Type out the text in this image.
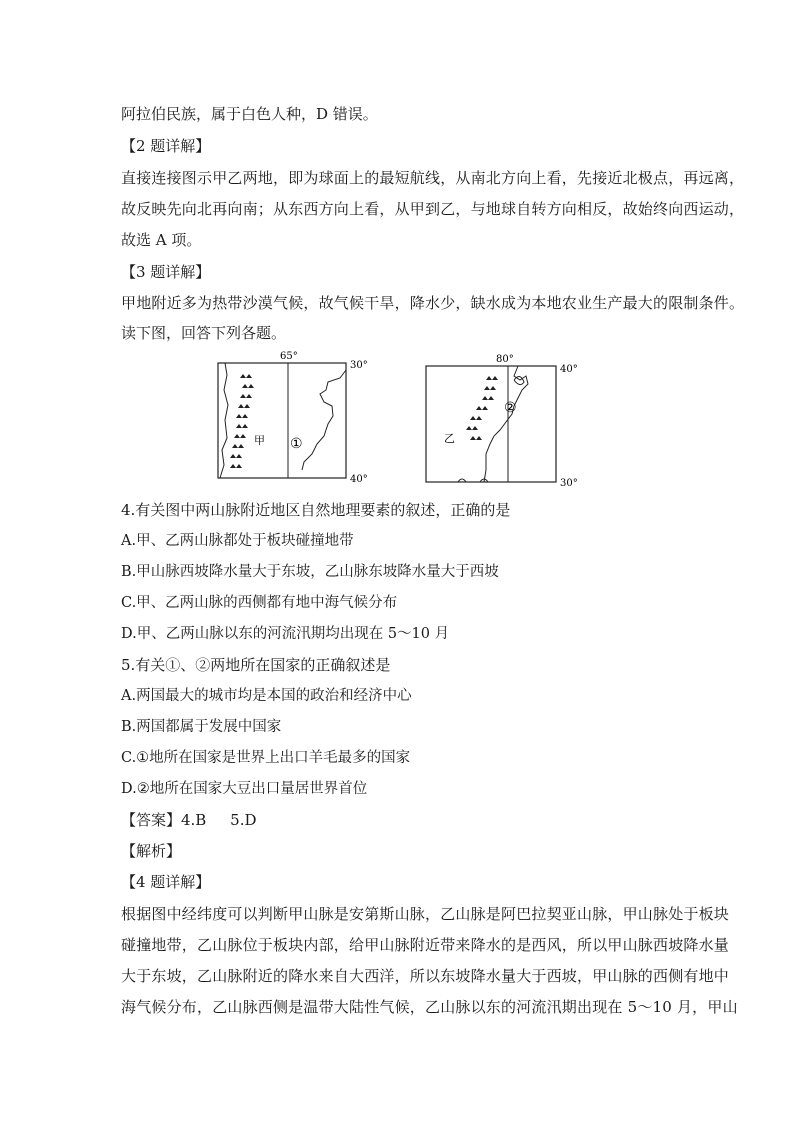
阿拉伯民族，属于白色人种，D 错误。
【2 题详解】
直接连接图示甲乙两地，即为球面上的最短航线，从南北方向上看，先接近北极点，再远离，
故反映先向北再向南；从东西方向上看，从甲到乙，与地球自转方向相反，故始终向西运动，
故选 A 项。
【3 题详解】
甲地附近多为热带沙漠气候，故气候干旱，降水少，缺水成为本地农业生产最大的限制条件。
读下图，回答下列各题。
65°
30°
40°
甲 ①
80°
40°
30°
乙
②
4.有关图中两山脉附近地区自然地理要素的叙述，正确的是
A.甲、乙两山脉都处于板块碰撞地带
B.甲山脉西坡降水量大于东坡，乙山脉东坡降水量大于西坡
C.甲、乙两山脉的西侧都有地中海气候分布
D.甲、乙两山脉以东的河流汛期均出现在 5～10 月
5.有关①、②两地所在国家的正确叙述是
A.两国最大的城市均是本国的政治和经济中心
B.两国都属于发展中国家
C.①地所在国家是世界上出口羊毛最多的国家
D.②地所在国家大豆出口量居世界首位
【答案】4.B     5.D
【解析】
【4 题详解】
根据图中经纬度可以判断甲山脉是安第斯山脉，乙山脉是阿巴拉契亚山脉，甲山脉处于板块
碰撞地带，乙山脉位于板块内部，给甲山脉附近带来降水的是西风，所以甲山脉西坡降水量
大于东坡，乙山脉附近的降水来自大西洋，所以东坡降水量大于西坡，甲山脉的西侧有地中
海气候分布，乙山脉西侧是温带大陆性气候，乙山脉以东的河流汛期出现在 5～10 月，甲山
